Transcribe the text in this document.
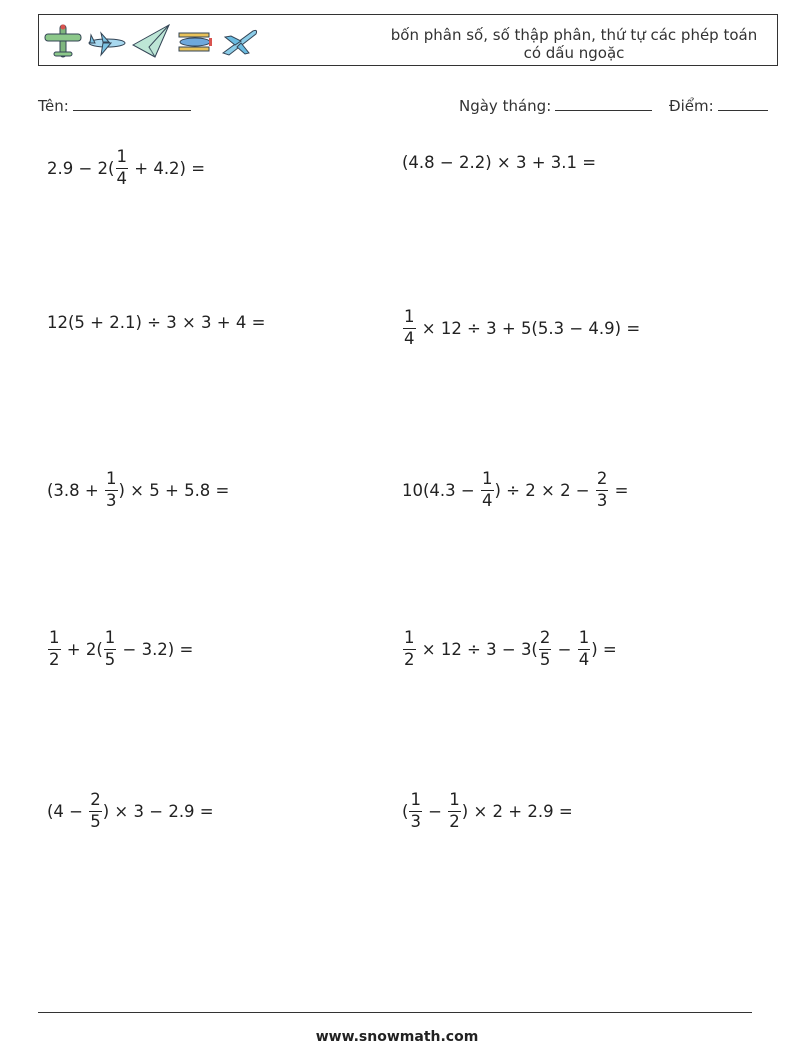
bốn phân số, số thập phân, thứ tự các phép toán có dấu ngoặc
Tên:	Ngày tháng:	Điểm:
$2.9 - 2( \frac{1}{4} + 4.2)$ =	(4.8 − 2.2) × 3 + 3.1 =
12(5 + 2.1) ÷ 3 × 3 + 4 =	$\frac{1}{4} \times 12 \div 3 + 5(5.3 - 4.9)$ =
($3.8 + \frac{1}{3}$ ) × 5 + 5.8 =	$10(4.3 - \frac{1}{4}$ ) ÷ $2 \times 2 - \frac{2}{3}$ =
$\frac{1}{2} + 2( \frac{1}{5} - 3.2)$ =	$\frac{1}{2} \times 12 \div 3 - 3( \frac{2}{5} - \frac{1}{4}$ ) =
($4 - \frac{2}{5}$ ) × 3 − 2.9 =	( $\frac{1}{3} - \frac{1}{2}$ ) × 2 + 2.9 =
www.snowmath.com
